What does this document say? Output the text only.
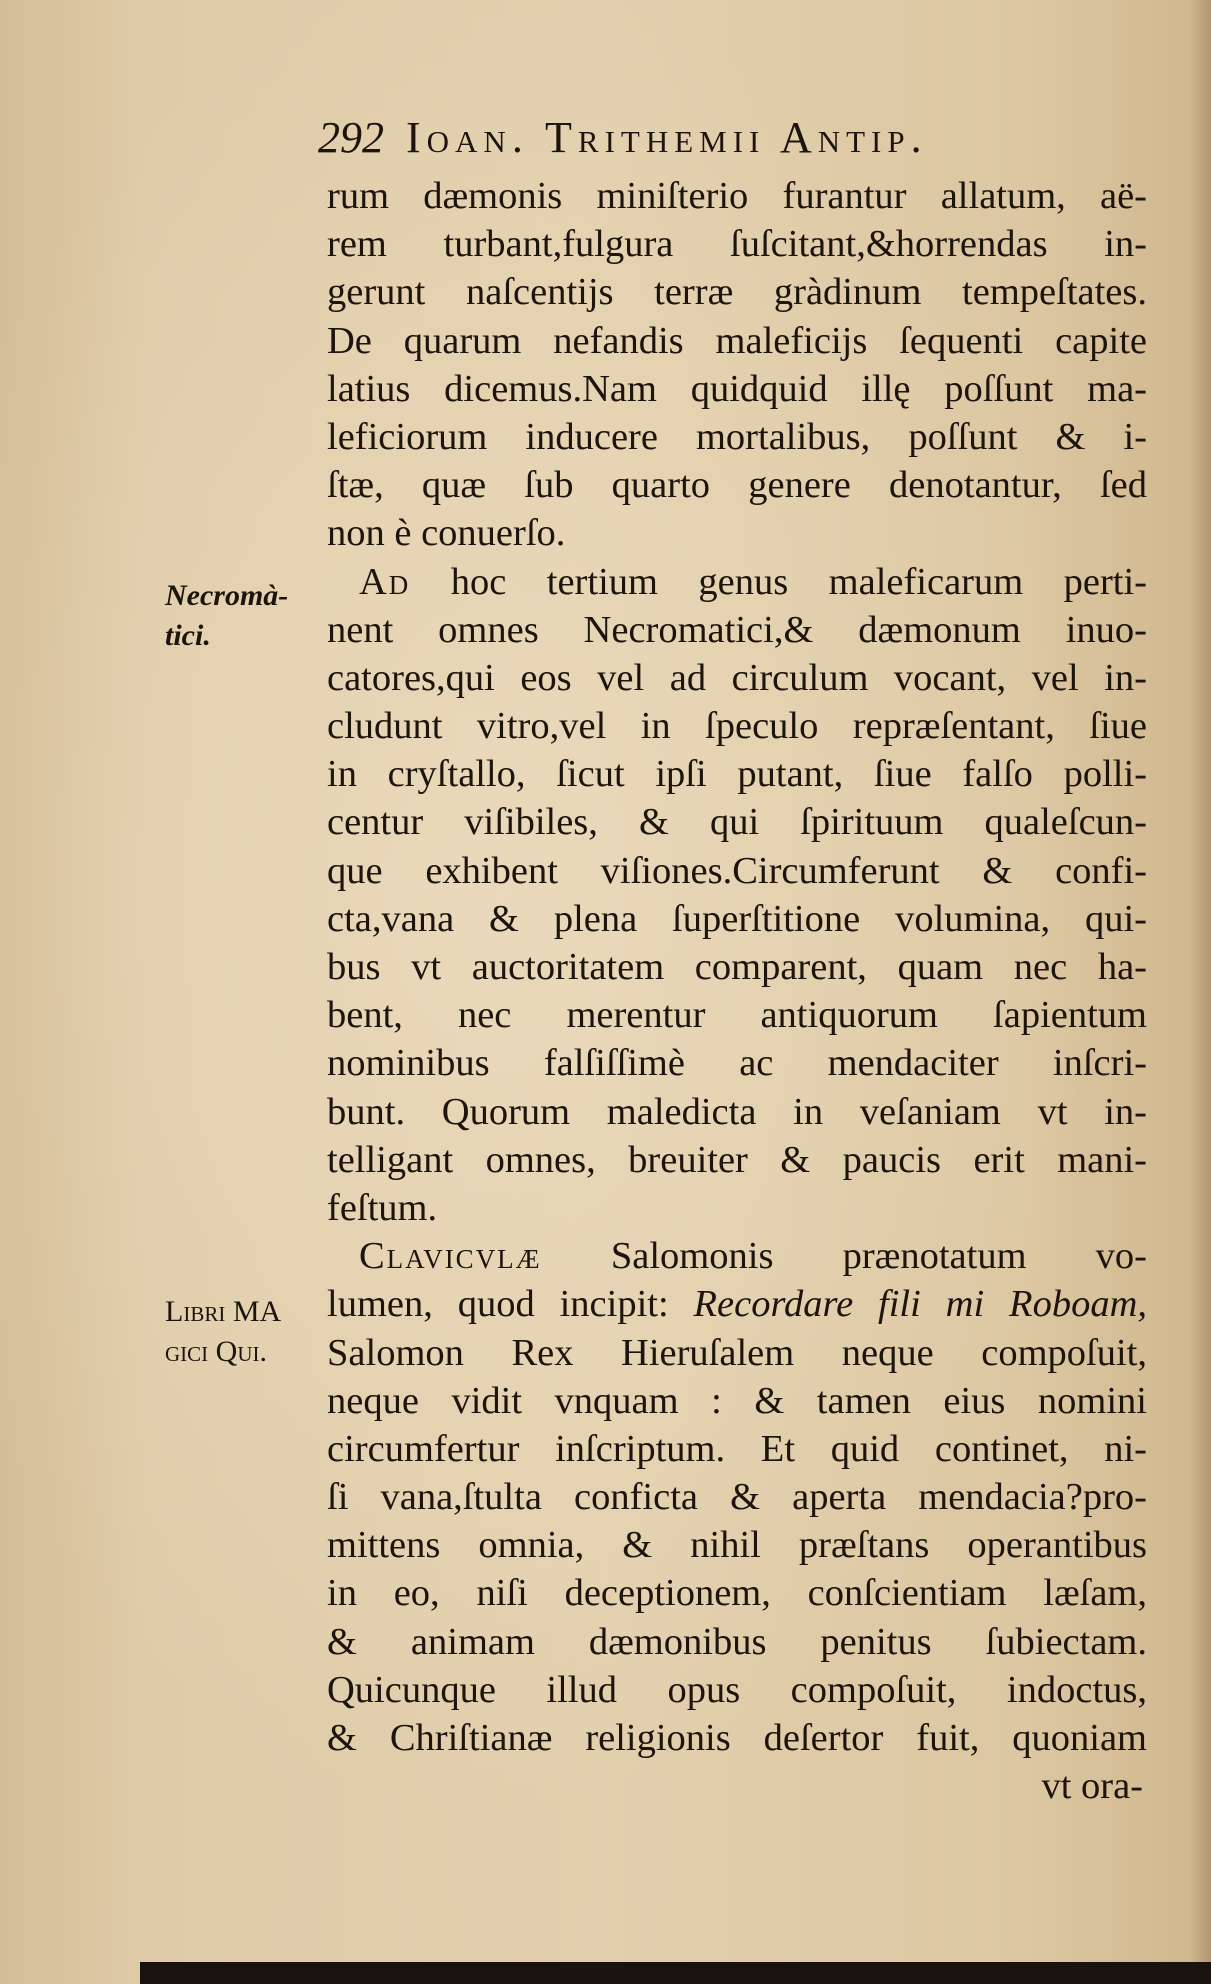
292 Ioan. Trithemii Antip.
Necromà-
tici.
Libri MA
gici Qui.
rum dæmonis miniſterio furantur allatum, aë-
rem turbant,fulgura ſuſcitant,&horrendas in-
gerunt naſcentijs terræ gràdinum tempeſtates.
De quarum nefandis maleficijs ſequenti capite
latius dicemus.Nam quidquid illę poſſunt ma-
leficiorum inducere mortalibus, poſſunt & i-
ſtæ, quæ ſub quarto genere denotantur, ſed
non è conuerſo.
Ad hoc tertium genus maleficarum perti-
nent omnes Necromatici,& dæmonum inuo-
catores,qui eos vel ad circulum vocant, vel in-
cludunt vitro,vel in ſpeculo repræſentant, ſiue
in cryſtallo, ſicut ipſi putant, ſiue falſo polli-
centur viſibiles, & qui ſpirituum qualeſcun-
que exhibent viſiones.Circumferunt & confi-
cta,vana & plena ſuperſtitione volumina, qui-
bus vt auctoritatem comparent, quam nec ha-
bent, nec merentur antiquorum ſapientum
nominibus falſiſſimè ac mendaciter inſcri-
bunt. Quorum maledicta in veſaniam vt in-
telligant omnes, breuiter & paucis erit mani-
feſtum.
Clavicvlæ Salomonis prænotatum vo-
lumen, quod incipit: Recordare fili mi Roboam,
Salomon Rex Hieruſalem neque compoſuit,
neque vidit vnquam : & tamen eius nomini
circumfertur inſcriptum. Et quid continet, ni-
ſi vana,ſtulta conficta & aperta mendacia?pro-
mittens omnia, & nihil præſtans operantibus
in eo, niſi deceptionem, conſcientiam læſam,
& animam dæmonibus penitus ſubiectam.
Quicunque illud opus compoſuit, indoctus,
& Chriſtianæ religionis deſertor fuit, quoniam
vt ora-
